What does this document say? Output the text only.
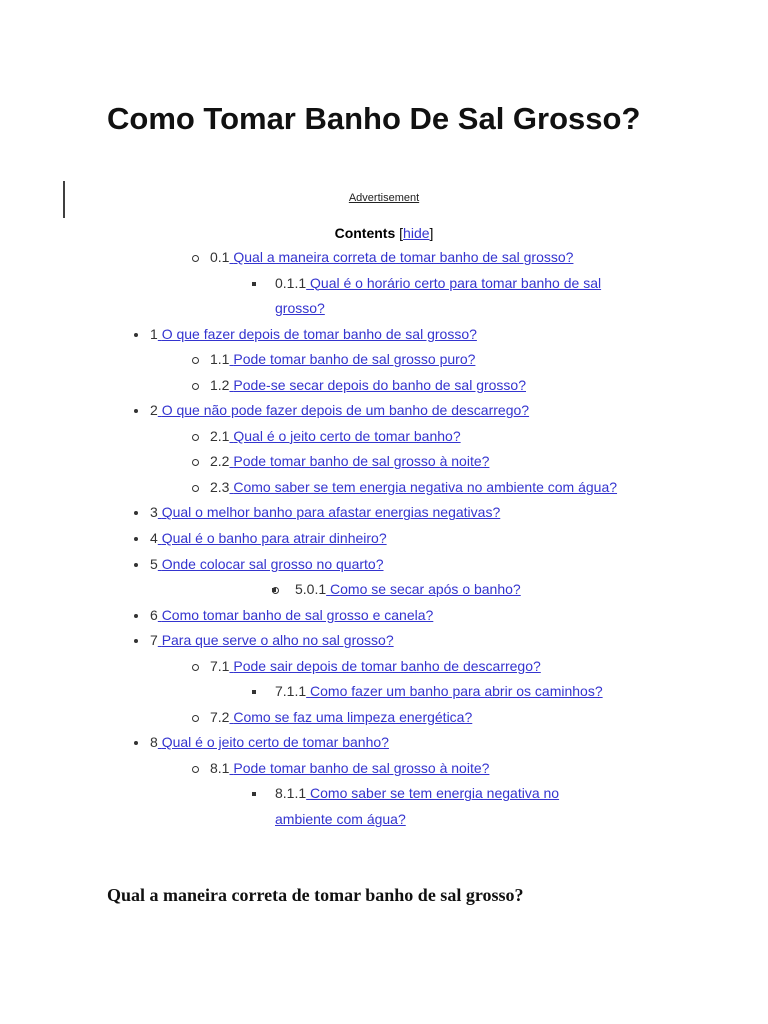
Como Tomar Banho De Sal Grosso?
Advertisement
Contents [hide]
0.1 Qual a maneira correta de tomar banho de sal grosso?
0.1.1 Qual é o horário certo para tomar banho de sal
grosso?
1 O que fazer depois de tomar banho de sal grosso?
1.1 Pode tomar banho de sal grosso puro?
1.2 Pode-se secar depois do banho de sal grosso?
2 O que não pode fazer depois de um banho de descarrego?
2.1 Qual é o jeito certo de tomar banho?
2.2 Pode tomar banho de sal grosso à noite?
2.3 Como saber se tem energia negativa no ambiente com água?
3 Qual o melhor banho para afastar energias negativas?
4 Qual é o banho para atrair dinheiro?
5 Onde colocar sal grosso no quarto?
5.0.1 Como se secar após o banho?
6 Como tomar banho de sal grosso e canela?
7 Para que serve o alho no sal grosso?
7.1 Pode sair depois de tomar banho de descarrego?
7.1.1 Como fazer um banho para abrir os caminhos?
7.2 Como se faz uma limpeza energética?
8 Qual é o jeito certo de tomar banho?
8.1 Pode tomar banho de sal grosso à noite?
8.1.1 Como saber se tem energia negativa no
ambiente com água?
Qual a maneira correta de tomar banho de sal grosso?
